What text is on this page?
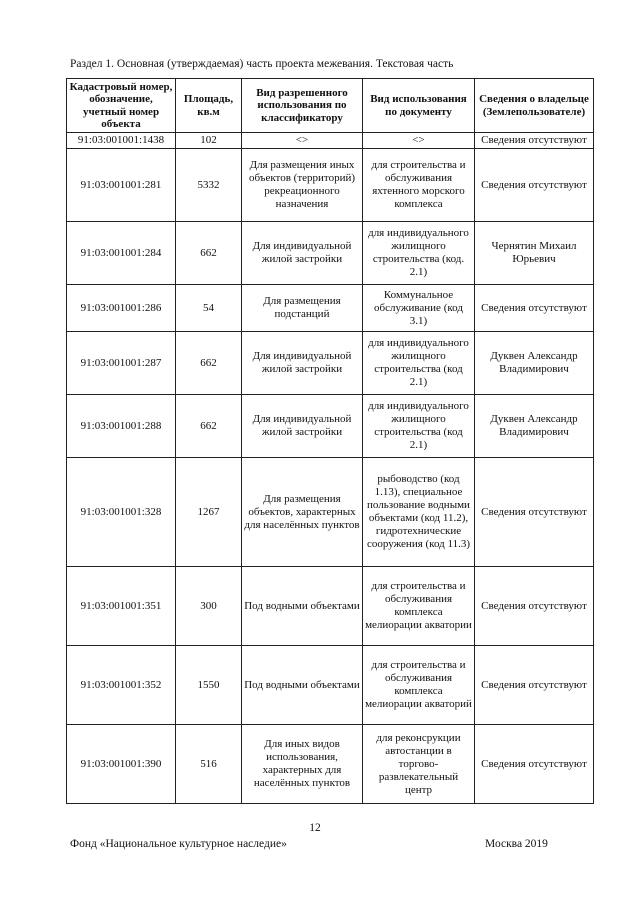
Раздел 1. Основная (утверждаемая) часть проекта межевания. Текстовая часть
Кадастровый номер, обозначение, учетный номер объекта	Площадь, кв.м	Вид разрешенного использования по классификатору	Вид использования по документу	Сведения о владельце (Землепользователе)
91:03:001001:1438	102	<>	<>	Сведения отсутствуют
91:03:001001:281	5332	Для размещения иных объектов (территорий) рекреационного назначения	для строительства и обслуживания яхтенного морского комплекса	Сведения отсутствуют
91:03:001001:284	662	Для индивидуальной жилой застройки	для индивидуального жилищного строительства (код. 2.1)	Чернятин Михаил Юрьевич
91:03:001001:286	54	Для размещения подстанций	Коммунальное обслуживание (код 3.1)	Сведения отсутствуют
91:03:001001:287	662	Для индивидуальной жилой застройки	для индивидуального жилищного строительства (код 2.1)	Дуквен Александр Владимирович
91:03:001001:288	662	Для индивидуальной жилой застройки	для индивидуального жилищного строительства (код 2.1)	Дуквен Александр Владимирович
91:03:001001:328	1267	Для размещения объектов, характерных для населённых пунктов	рыбоводство (код 1.13), специальное пользование водными объектами (код 11.2), гидротехнические сооружения (код 11.3)	Сведения отсутствуют
91:03:001001:351	300	Под водными объектами	для строительства и обслуживания комплекса мелиорации акватории	Сведения отсутствуют
91:03:001001:352	1550	Под водными объектами	для строительства и обслуживания комплекса мелиорации акваторий	Сведения отсутствуют
91:03:001001:390	516	Для иных видов использования, характерных для населённых пунктов	для реконсрукции автостанции в торгово-развлекательный центр	Сведения отсутствуют
12
Фонд «Национальное культурное наследие»	Москва 2019
